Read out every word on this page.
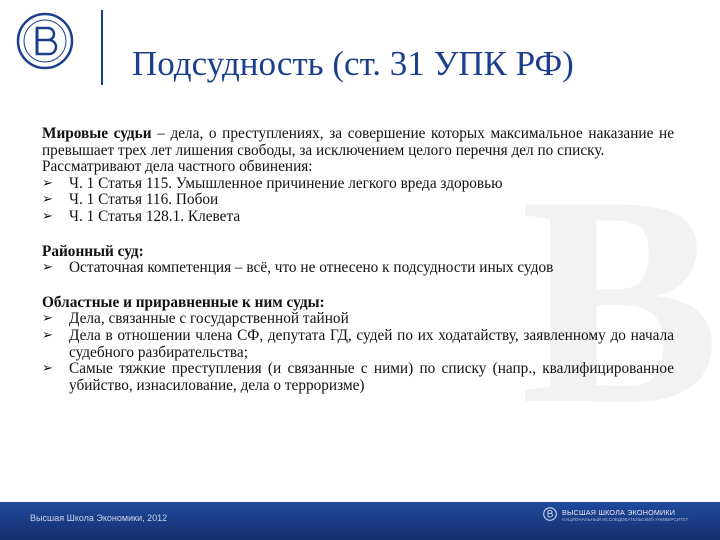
В
Подсудность (ст. 31 УПК РФ)

Мировые судьи – дела, о преступлениях, за совершение которых максимальное наказание не превышает трех лет лишения свободы, за исключением целого перечня дел по списку.

Рассматривают дела частного обвинения:

➢	Ч. 1 Статья 115. Умышленное причинение легкого вреда здоровью
➢	Ч. 1 Статья 116. Побои
➢	Ч. 1 Статья 128.1. Клевета

Районный суд:

➢	Остаточная компетенция – всё, что не отнесено к подсудности иных судов

Областные и приравненные к ним суды:

➢	Дела, связанные с государственной тайной
➢	Дела в отношении члена СФ, депутата ГД, судей по их ходатайству, заявленному до начала судебного разбирательства;
➢	Самые тяжкие преступления (и связанные с ними) по списку (напр., квалифицированное убийство, изнасилование, дела о терроризме)
Высшая Школа Экономики, 2012
ВЫСШАЯ ШКОЛА ЭКОНОМИКИ
НАЦИОНАЛЬНЫЙ ИССЛЕДОВАТЕЛЬСКИЙ УНИВЕРСИТЕТ
